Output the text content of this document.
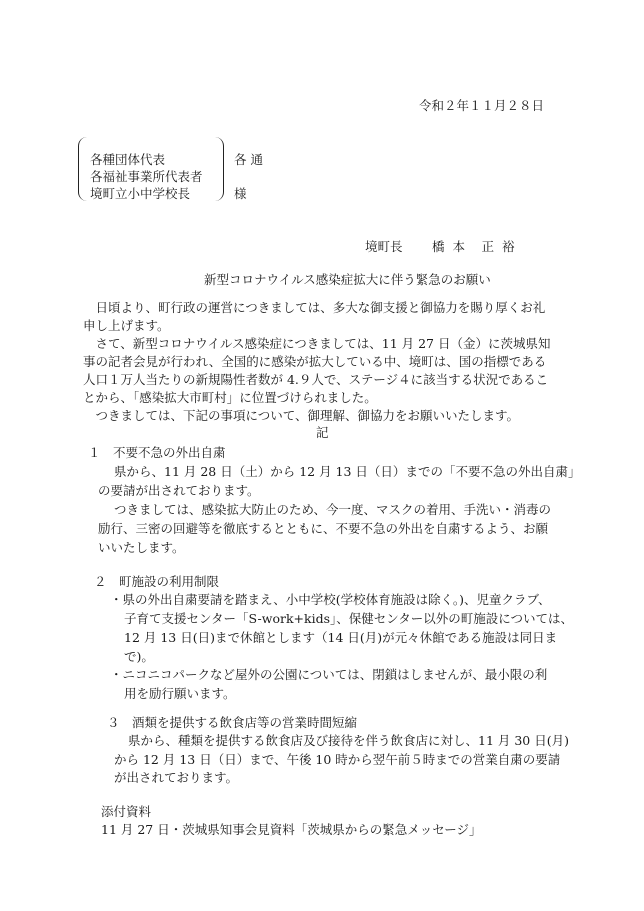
令和２年１１月２８日
各種団体代表
各福祉事業所代表者
境町立小中学校長
各通
様
境町長 橋 本　正 裕
新型コロナウイルス感染症拡大に伴う緊急のお願い
　日頃より、町行政の運営につきましては、多大な御支援と御協力を賜り厚くお礼
申し上げます。
　さて、新型コロナウイルス感染症につきましては、11 月 27 日（金）に茨城県知
事の記者会見が行われ、全国的に感染が拡大している中、境町は、国の指標である
人口１万人当たりの新規陽性者数が 4.９人で、ステージ４に該当する状況であるこ
とから、「感染拡大市町村」に位置づけられました。
　つきましては、下記の事項について、御理解、御協力をお願いいたします。
記
１　不要不急の外出自粛
県から、11 月 28 日（土）から 12 月 13 日（日）までの「不要不急の外出自粛」
の要請が出されております。
つきましては、感染拡大防止のため、今一度、マスクの着用、手洗い・消毒の
励行、三密の回避等を徹底するとともに、不要不急の外出を自粛するよう、お願
いいたします。
２　町施設の利用制限
・県の外出自粛要請を踏まえ、小中学校(学校体育施設は除く。)、児童クラブ、
子育て支援センター「S-work+kids」、保健センター以外の町施設については、
12 月 13 日(日)まで休館とします（14 日(月)が元々休館である施設は同日ま
で)。
・ニコニコパークなど屋外の公園については、閉鎖はしませんが、最小限の利
用を励行願います。
３　酒類を提供する飲食店等の営業時間短縮
県から、種類を提供する飲食店及び接待を伴う飲食店に対し、11 月 30 日(月)
から 12 月 13 日（日）まで、午後 10 時から翌午前５時までの営業自粛の要請
が出されております。
添付資料
11 月 27 日・茨城県知事会見資料「茨城県からの緊急メッセージ」
